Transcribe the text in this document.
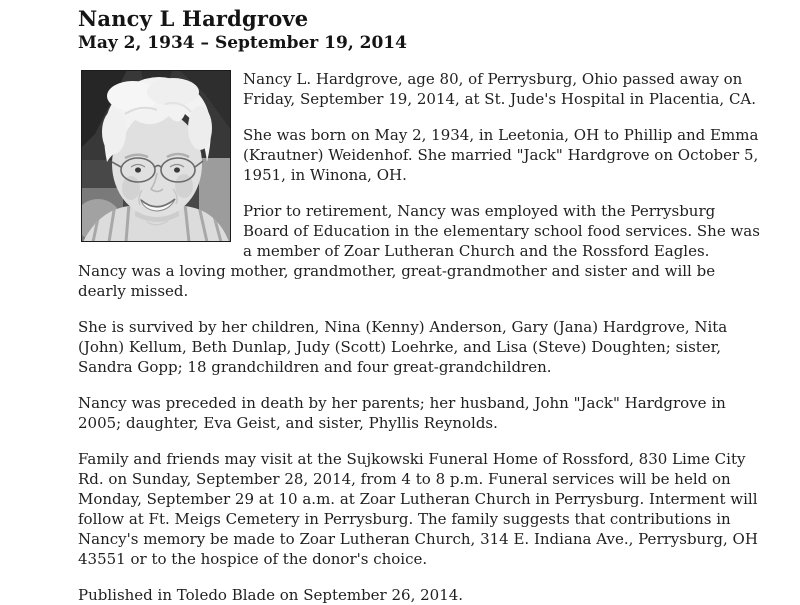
Nancy L Hardgrove
May 2, 1934 – September 19, 2014

Nancy L. Hardgrove, age 80, of Perrysburg, Ohio passed away on Friday, September 19, 2014, at St. Jude's Hospital in Placentia, CA.

She was born on May 2, 1934, in Leetonia, OH to Phillip and Emma (Krautner) Weidenhof. She married "Jack" Hardgrove on October 5, 1951, in Winona, OH.

Prior to retirement, Nancy was employed with the Perrysburg Board of Education in the elementary school food services. She was a member of Zoar Lutheran Church and the Rossford Eagles. Nancy was a loving mother, grandmother, great-grandmother and sister and will be dearly missed.

She is survived by her children, Nina (Kenny) Anderson, Gary (Jana) Hardgrove, Nita (John) Kellum, Beth Dunlap, Judy (Scott) Loehrke, and Lisa (Steve) Doughten; sister, Sandra Gopp; 18 grandchildren and four great-grandchildren.

Nancy was preceded in death by her parents; her husband, John "Jack" Hardgrove in 2005; daughter, Eva Geist, and sister, Phyllis Reynolds.

Family and friends may visit at the Sujkowski Funeral Home of Rossford, 830 Lime City Rd. on Sunday, September 28, 2014, from 4 to 8 p.m. Funeral services will be held on Monday, September 29 at 10 a.m. at Zoar Lutheran Church in Perrysburg. Interment will follow at Ft. Meigs Cemetery in Perrysburg. The family suggests that contributions in Nancy's memory be made to Zoar Lutheran Church, 314 E. Indiana Ave., Perrysburg, OH 43551 or to the hospice of the donor's choice.

Published in Toledo Blade on September 26, 2014.
